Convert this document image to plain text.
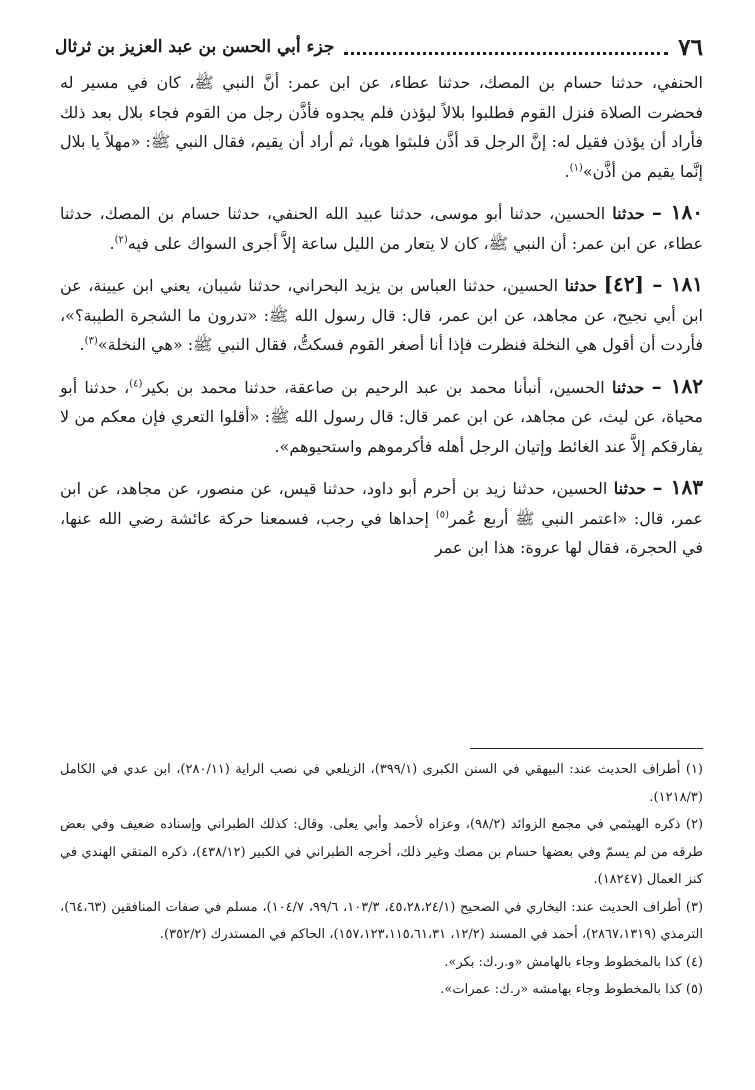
٧٦
جزء أبي الحسن بن عبد العزيز بن ثرثال

الحنفي، حدثنا حسام بن المصك، حدثنا عطاء، عن ابن عمر: أنَّ النبي ﷺ، كان في مسير له فحضرت الصلاة فنزل القوم فطلبوا بلالاً ليؤذن فلم يجدوه فأذَّن رجل من القوم فجاء بلال بعد ذلك فأراد أن يؤذن فقيل له: إنَّ الرجل قد أذَّن فلبثوا هويا، ثم أراد أن يقيم، فقال النبي ﷺ: «مهلاً يا بلال إنَّما يقيم من أذَّن»$^{(١)}$.

١٨٠ – حدثنا الحسين، حدثنا أبو موسى، حدثنا عبيد الله الحنفي، حدثنا حسام بن المصك، حدثنا عطاء، عن ابن عمر: أن النبي ﷺ، كان لا يتعار من الليل ساعة إلاَّ أجرى السواك على فيه$^{(٢)}$.

١٨١ – [٤٢] حدثنا الحسين، حدثنا العباس بن يزيد البحراني، حدثنا شيبان، يعني ابن عيينة، عن ابن أبي نجيح، عن مجاهد، عن ابن عمر، قال: قال رسول الله ﷺ: «تدرون ما الشجرة الطيبة؟»، فأردت أن أقول هي النخلة فنظرت فإذا أنا أصغر القوم فسكتُّ، فقال النبي ﷺ: «هي النخلة»$^{(٣)}$.

١٨٢ – حدثنا الحسين، أنبأنا محمد بن عبد الرحيم بن صاعقة، حدثنا محمد بن بكير$^{(٤)}$، حدثنا أبو محياة، عن ليث، عن مجاهد، عن ابن عمر قال: قال رسول الله ﷺ: «أقلوا التعري فإن معكم من لا يفارقكم إلاَّ عند الغائط وإتيان الرجل أهله فأكرموهم واستحيوهم».

١٨٣ – حدثنا الحسين، حدثنا زيد بن أحرم أبو داود، حدثنا قيس، عن منصور، عن مجاهد، عن ابن عمر، قال: «اعتمر النبي ﷺ أربع عُمر$^{(٥)}$ إحداها في رجب، فسمعنا حركة عائشة رضي الله عنها، في الحجرة، فقال لها عروة: هذا ابن عمر

(١) أطراف الحديث عند: البيهقي في السنن الكبرى (٣٩٩/١)، الزيلعي في نصب الراية (٢٨٠/١١)، ابن عدي في الكامل (١٢١٨/٣).

(٢) ذكره الهيثمي في مجمع الزوائد (٩٨/٢)، وعزاه لأحمد وأبي يعلى. وقال: كذلك الطبراني وإسناده ضعيف وفي بعض طرقه من لم يسمّ وفي بعضها حسام بن مصك وغير ذلك، أخرجه الطبراني في الكبير (٤٣٨/١٢)، ذكره المتقي الهندي في كنز العمال (١٨٢٤٧).

(٣) أطراف الحديث عند: البخاري في الصحيح (٤٥،٢٨،٢٤/١، ١٠٣/٣، ٩٩/٦، ١٠٤/٧)، مسلم في صفات المنافقين (٦٤،٦٣)، الترمذي (٢٨٦٧،١٣١٩)، أحمد في المسند (١٢/٢، ١٥٧،١٢٣،١١٥،٦١،٣١)، الحاكم في المستدرك (٣٥٢/٢).

(٤) كذا بالمخطوط وجاء بالهامش «و.ر.ك: بكر».

(٥) كذا بالمخطوط وجاء بهامشه «ر.ك: عمرات».
